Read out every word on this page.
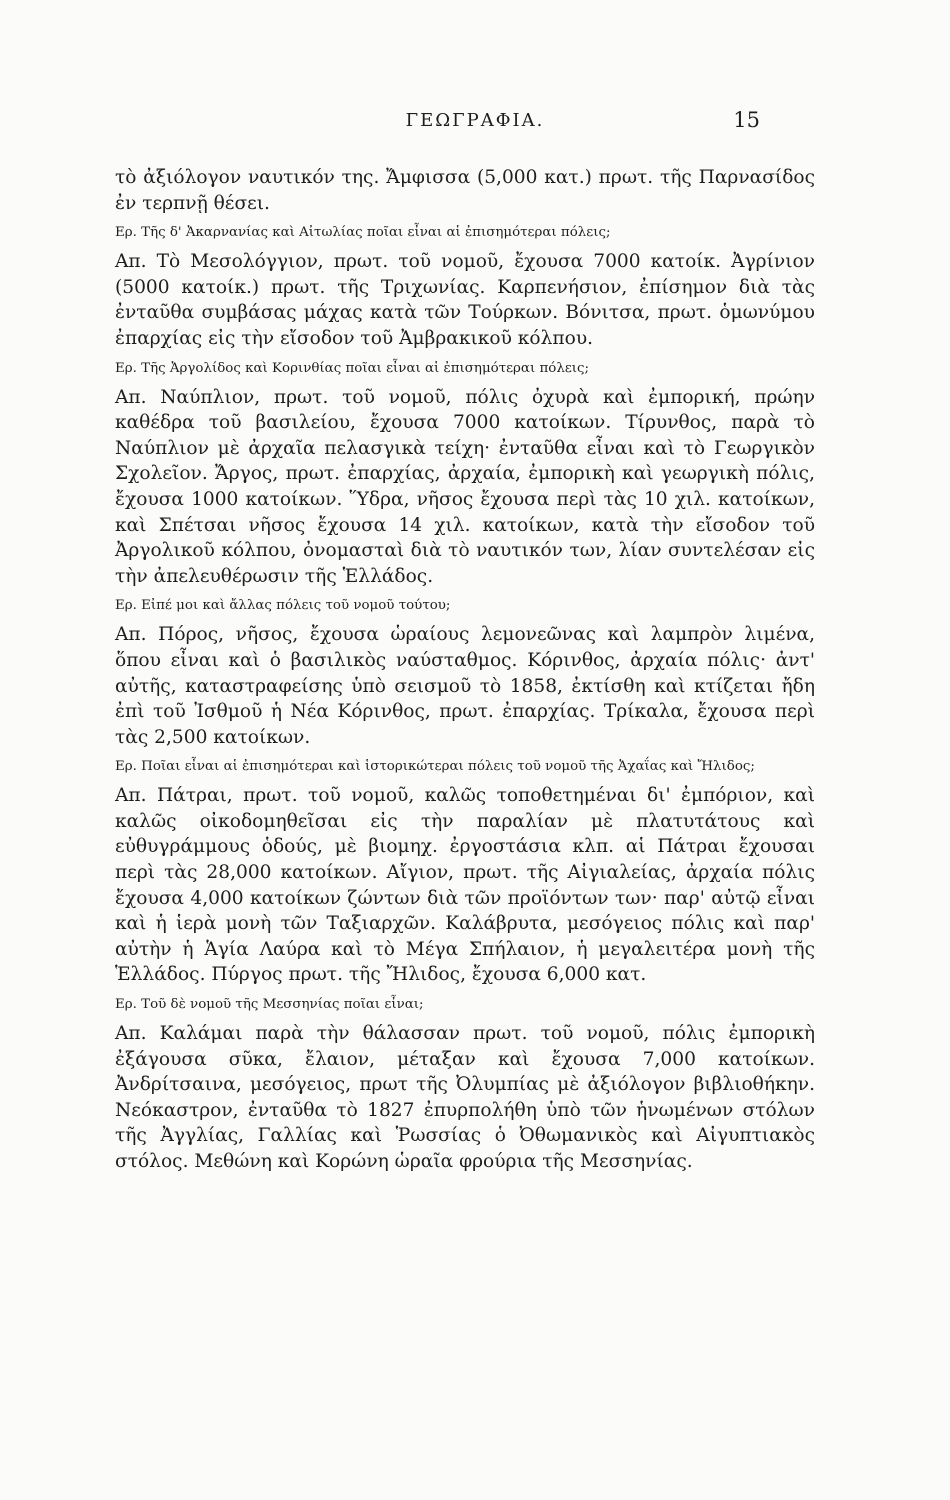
ΓΕΩΓΡΑΦΙΑ.	15

τὸ ἀξιόλογον ναυτικόν της. Ἄμφισσα (5,000 κατ.) πρωτ. τῆς Παρνασίδος ἐν τερπνῇ θέσει.

Ερ. Τῆς δ' Ἀκαρνανίας καὶ Αἰτωλίας ποῖαι εἶναι αἱ ἐπισημότεραι πόλεις;

Απ. Τὸ Μεσολόγγιον, πρωτ. τοῦ νομοῦ, ἔχουσα 7000 κατοίκ. Ἀγρίνιον (5000 κατοίκ.) πρωτ. τῆς Τριχωνίας. Καρπενήσιον, ἐπίσημον διὰ τὰς ἐνταῦθα συμβάσας μάχας κατὰ τῶν Τούρκων. Βόνιτσα, πρωτ. ὁμωνύμου ἐπαρχίας εἰς τὴν εἴσοδον τοῦ Ἀμβρακικοῦ κόλπου.

Ερ. Τῆς Ἀργολίδος καὶ Κορινθίας ποῖαι εἶναι αἱ ἐπισημότεραι πόλεις;

Απ. Ναύπλιον, πρωτ. τοῦ νομοῦ, πόλις ὀχυρὰ καὶ ἐμπορική, πρώην καθέδρα τοῦ βασιλείου, ἔχουσα 7000 κατοίκων. Τίρυνθος, παρὰ τὸ Ναύπλιον μὲ ἀρχαῖα πελασγικὰ τείχη· ἐνταῦθα εἶναι καὶ τὸ Γεωργικὸν Σχολεῖον. Ἄργος, πρωτ. ἐπαρχίας, ἀρχαία, ἐμπορικὴ καὶ γεωργικὴ πόλις, ἔχουσα 1000 κατοίκων. Ὕδρα, νῆσος ἔχουσα περὶ τὰς 10 χιλ. κατοίκων, καὶ Σπέτσαι νῆσος ἔχουσα 14 χιλ. κατοίκων, κατὰ τὴν εἴσοδον τοῦ Ἀργολικοῦ κόλπου, ὀνομασταὶ διὰ τὸ ναυτικόν των, λίαν συντελέσαν εἰς τὴν ἀπελευθέρωσιν τῆς Ἑλλάδος.

Ερ. Εἰπέ μοι καὶ ἄλλας πόλεις τοῦ νομοῦ τούτου;

Απ. Πόρος, νῆσος, ἔχουσα ὡραίους λεμονεῶνας καὶ λαμπρὸν λιμένα, ὅπου εἶναι καὶ ὁ βασιλικὸς ναύσταθμος. Κόρινθος, ἀρχαία πόλις· ἀντ' αὐτῆς, καταστραφείσης ὑπὸ σεισμοῦ τὸ 1858, ἐκτίσθη καὶ κτίζεται ἤδη ἐπὶ τοῦ Ἰσθμοῦ ἡ Νέα Κόρινθος, πρωτ. ἐπαρχίας. Τρίκαλα, ἔχουσα περὶ τὰς 2,500 κατοίκων.

Ερ. Ποῖαι εἶναι αἱ ἐπισημότεραι καὶ ἱστορικώτεραι πόλεις τοῦ νομοῦ τῆς Ἀχαΐας καὶ Ἤλιδος;

Απ. Πάτραι, πρωτ. τοῦ νομοῦ, καλῶς τοποθετημέναι δι' ἐμπόριον, καὶ καλῶς οἰκοδομηθεῖσαι εἰς τὴν παραλίαν μὲ πλατυτάτους καὶ εὐθυγράμμους ὁδούς, μὲ βιομηχ. ἐργοστάσια κλπ. αἱ Πάτραι ἔχουσαι περὶ τὰς 28,000 κατοίκων. Αἴγιον, πρωτ. τῆς Αἰγιαλείας, ἀρχαία πόλις ἔχουσα 4,000 κατοίκων ζώντων διὰ τῶν προϊόντων των· παρ' αὐτῷ εἶναι καὶ ἡ ἱερὰ μονὴ τῶν Ταξιαρχῶν. Καλάβρυτα, μεσόγειος πόλις καὶ παρ' αὐτὴν ἡ Ἁγία Λαύρα καὶ τὸ Μέγα Σπήλαιον, ἡ μεγαλειτέρα μονὴ τῆς Ἑλλάδος. Πύργος πρωτ. τῆς Ἤλιδος, ἔχουσα 6,000 κατ.

Ερ. Τοῦ δὲ νομοῦ τῆς Μεσσηνίας ποῖαι εἶναι;

Απ. Καλάμαι παρὰ τὴν θάλασσαν πρωτ. τοῦ νομοῦ, πόλις ἐμπορικὴ ἐξάγουσα σῦκα, ἔλαιον, μέταξαν καὶ ἔχουσα 7,000 κατοίκων. Ἀνδρίτσαινα, μεσόγειος, πρωτ τῆς Ὀλυμπίας μὲ ἀξιόλογον βιβλιοθήκην. Νεόκαστρον, ἐνταῦθα τὸ 1827 ἐπυρπολήθη ὑπὸ τῶν ἡνωμένων στόλων τῆς Ἀγγλίας, Γαλλίας καὶ Ῥωσσίας ὁ Ὀθωμανικὸς καὶ Αἰγυπτιακὸς στόλος. Μεθώνη καὶ Κορώνη ὡραῖα φρούρια τῆς Μεσσηνίας.
